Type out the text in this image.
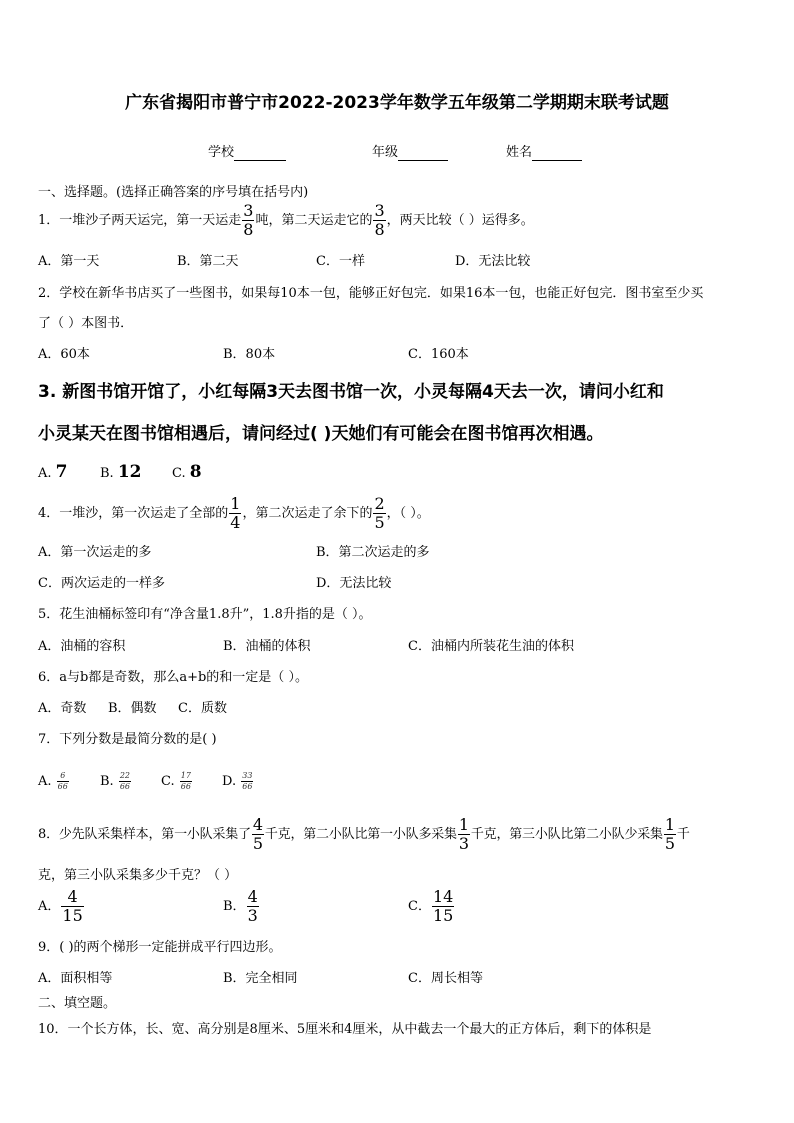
广东省揭阳市普宁市2022-2023学年数学五年级第二学期期末联考试题
学校	年级	姓名
一、选择题。(选择正确答案的序号填在括号内)
1．一堆沙子两天运完，第一天运走 $\frac{3}{8}$ 吨，第二天运走它的 $\frac{3}{8}$ ，两天比较（ ）运得多。
A．第一天	B．第二天	C．一样	D．无法比较
2．学校在新华书店买了一些图书，如果每10本一包，能够正好包完．如果16本一包，也能正好包完．图书室至少买
了（ ）本图书．
A．60本	B．80本	C．160本
3. 新图书馆开馆了，小红每隔3天去图书馆一次，小灵每隔4天去一次，请问小红和
小灵某天在图书馆相遇后，请问经过( )天她们有可能会在图书馆再次相遇。
A. 7 B. 12 C. 8
4．一堆沙，第一次运走了全部的 $\frac{1}{4}$ ，第二次运走了余下的 $\frac{2}{5}$ ，（ ）。
A．第一次运走的多	B．第二次运走的多
C．两次运走的一样多	D．无法比较
5．花生油桶标签印有“净含量1.8升”，1.8升指的是（ ）。
A．油桶的容积	B．油桶的体积	C．油桶内所装花生油的体积
6．a与b都是奇数，那么a+b的和一定是（ ）。
A．奇数 B．偶数 C．质数
7．下列分数是最简分数的是( )
A. $\frac{6}{66} B$. $\frac{22}{66} C$. $\frac{17}{66} D$. $\frac{33}{66}$
8．少先队采集样本，第一小队采集了 $\frac{4}{5}$ 千克，第二小队比第一小队多采集 $\frac{1}{3}$ 千克，第三小队比第二小队少采集 $\frac{1}{5}$ 千
克，第三小队采集多少千克？（ ）
A． $\frac{4}{15}$	B． $\frac{4}{3}$	C． $\frac{14}{15}$
9．( )的两个梯形一定能拼成平行四边形。
A．面积相等	B．完全相同	C．周长相等
二、填空题。
10．一个长方体，长、宽、高分别是8厘米、5厘米和4厘米，从中截去一个最大的正方体后，剩下的体积是
